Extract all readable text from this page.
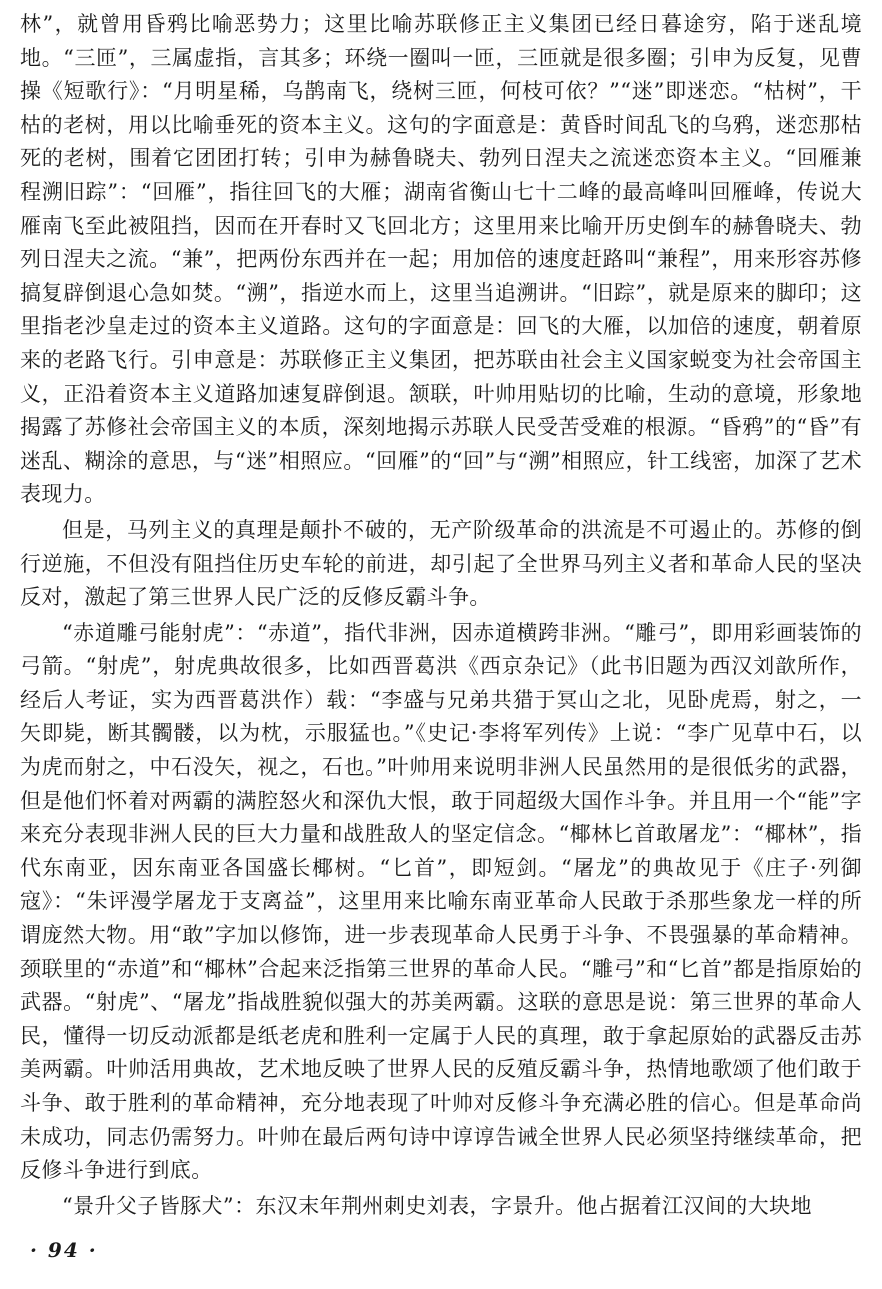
林”，就曾用昏鸦比喻恶势力；这里比喻苏联修正主义集团已经日暮途穷，陷于迷乱境地。“三匝”，三属虚指，言其多；环绕一圈叫一匝，三匝就是很多圈；引申为反复，见曹操《短歌行》：“月明星稀，乌鹊南飞，绕树三匝，何枝可依？”“迷”即迷恋。“枯树”，干枯的老树，用以比喻垂死的资本主义。这句的字面意是：黄昏时间乱飞的乌鸦，迷恋那枯死的老树，围着它团团打转；引申为赫鲁晓夫、勃列日涅夫之流迷恋资本主义。“回雁兼程溯旧踪”：“回雁”，指往回飞的大雁；湖南省衡山七十二峰的最高峰叫回雁峰，传说大雁南飞至此被阻挡，因而在开春时又飞回北方；这里用来比喻开历史倒车的赫鲁晓夫、勃列日涅夫之流。“兼”，把两份东西并在一起；用加倍的速度赶路叫“兼程”，用来形容苏修搞复辟倒退心急如焚。“溯”，指逆水而上，这里当追溯讲。“旧踪”，就是原来的脚印；这里指老沙皇走过的资本主义道路。这句的字面意是：回飞的大雁，以加倍的速度，朝着原来的老路飞行。引申意是：苏联修正主义集团，把苏联由社会主义国家蜕变为社会帝国主义，正沿着资本主义道路加速复辟倒退。颔联，叶帅用贴切的比喻，生动的意境，形象地揭露了苏修社会帝国主义的本质，深刻地揭示苏联人民受苦受难的根源。“昏鸦”的“昏”有迷乱、糊涂的意思，与“迷”相照应。“回雁”的“回”与“溯”相照应，针工线密，加深了艺术表现力。

但是，马列主义的真理是颠扑不破的，无产阶级革命的洪流是不可遏止的。苏修的倒行逆施，不但没有阻挡住历史车轮的前进，却引起了全世界马列主义者和革命人民的坚决反对，激起了第三世界人民广泛的反修反霸斗争。

“赤道雕弓能射虎”：“赤道”，指代非洲，因赤道横跨非洲。“雕弓”，即用彩画装饰的弓箭。“射虎”，射虎典故很多，比如西晋葛洪《西京杂记》（此书旧题为西汉刘歆所作，经后人考证，实为西晋葛洪作）载：“李盛与兄弟共猎于冥山之北，见卧虎焉，射之，一矢即毙，断其髑髅，以为枕，示服猛也。”《史记·李将军列传》上说：“李广见草中石，以为虎而射之，中石没矢，视之，石也。”叶帅用来说明非洲人民虽然用的是很低劣的武器，但是他们怀着对两霸的满腔怒火和深仇大恨，敢于同超级大国作斗争。并且用一个“能”字来充分表现非洲人民的巨大力量和战胜敌人的坚定信念。“椰林匕首敢屠龙”：“椰林”，指代东南亚，因东南亚各国盛长椰树。“匕首”，即短剑。“屠龙”的典故见于《庄子·列御寇》：“朱评漫学屠龙于支离益”，这里用来比喻东南亚革命人民敢于杀那些象龙一样的所谓庞然大物。用“敢”字加以修饰，进一步表现革命人民勇于斗争、不畏强暴的革命精神。颈联里的“赤道”和“椰林”合起来泛指第三世界的革命人民。“雕弓”和“匕首”都是指原始的武器。“射虎”、“屠龙”指战胜貌似强大的苏美两霸。这联的意思是说：第三世界的革命人民，懂得一切反动派都是纸老虎和胜利一定属于人民的真理，敢于拿起原始的武器反击苏美两霸。叶帅活用典故，艺术地反映了世界人民的反殖反霸斗争，热情地歌颂了他们敢于斗争、敢于胜利的革命精神，充分地表现了叶帅对反修斗争充满必胜的信心。但是革命尚未成功，同志仍需努力。叶帅在最后两句诗中谆谆告诫全世界人民必须坚持继续革命，把反修斗争进行到底。

“景升父子皆豚犬”：东汉末年荆州刺史刘表，字景升。他占据着江汉间的大块地

· 94 ·
